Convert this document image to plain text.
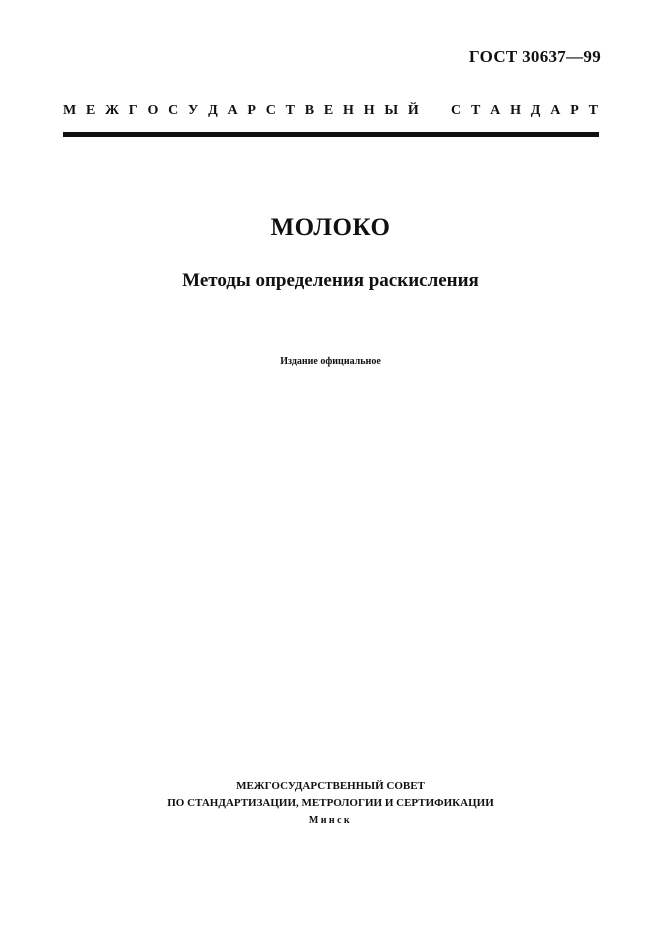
ГОСТ 30637—99
М Е Ж Г О С У Д А Р С Т В Е Н Н Ы Й С Т А Н Д А Р Т
МОЛОКО
Методы определения раскисления
Издание официальное
МЕЖГОСУДАРСТВЕННЫЙ СОВЕТ
ПО СТАНДАРТИЗАЦИИ, МЕТРОЛОГИИ И СЕРТИФИКАЦИИ
Минск
